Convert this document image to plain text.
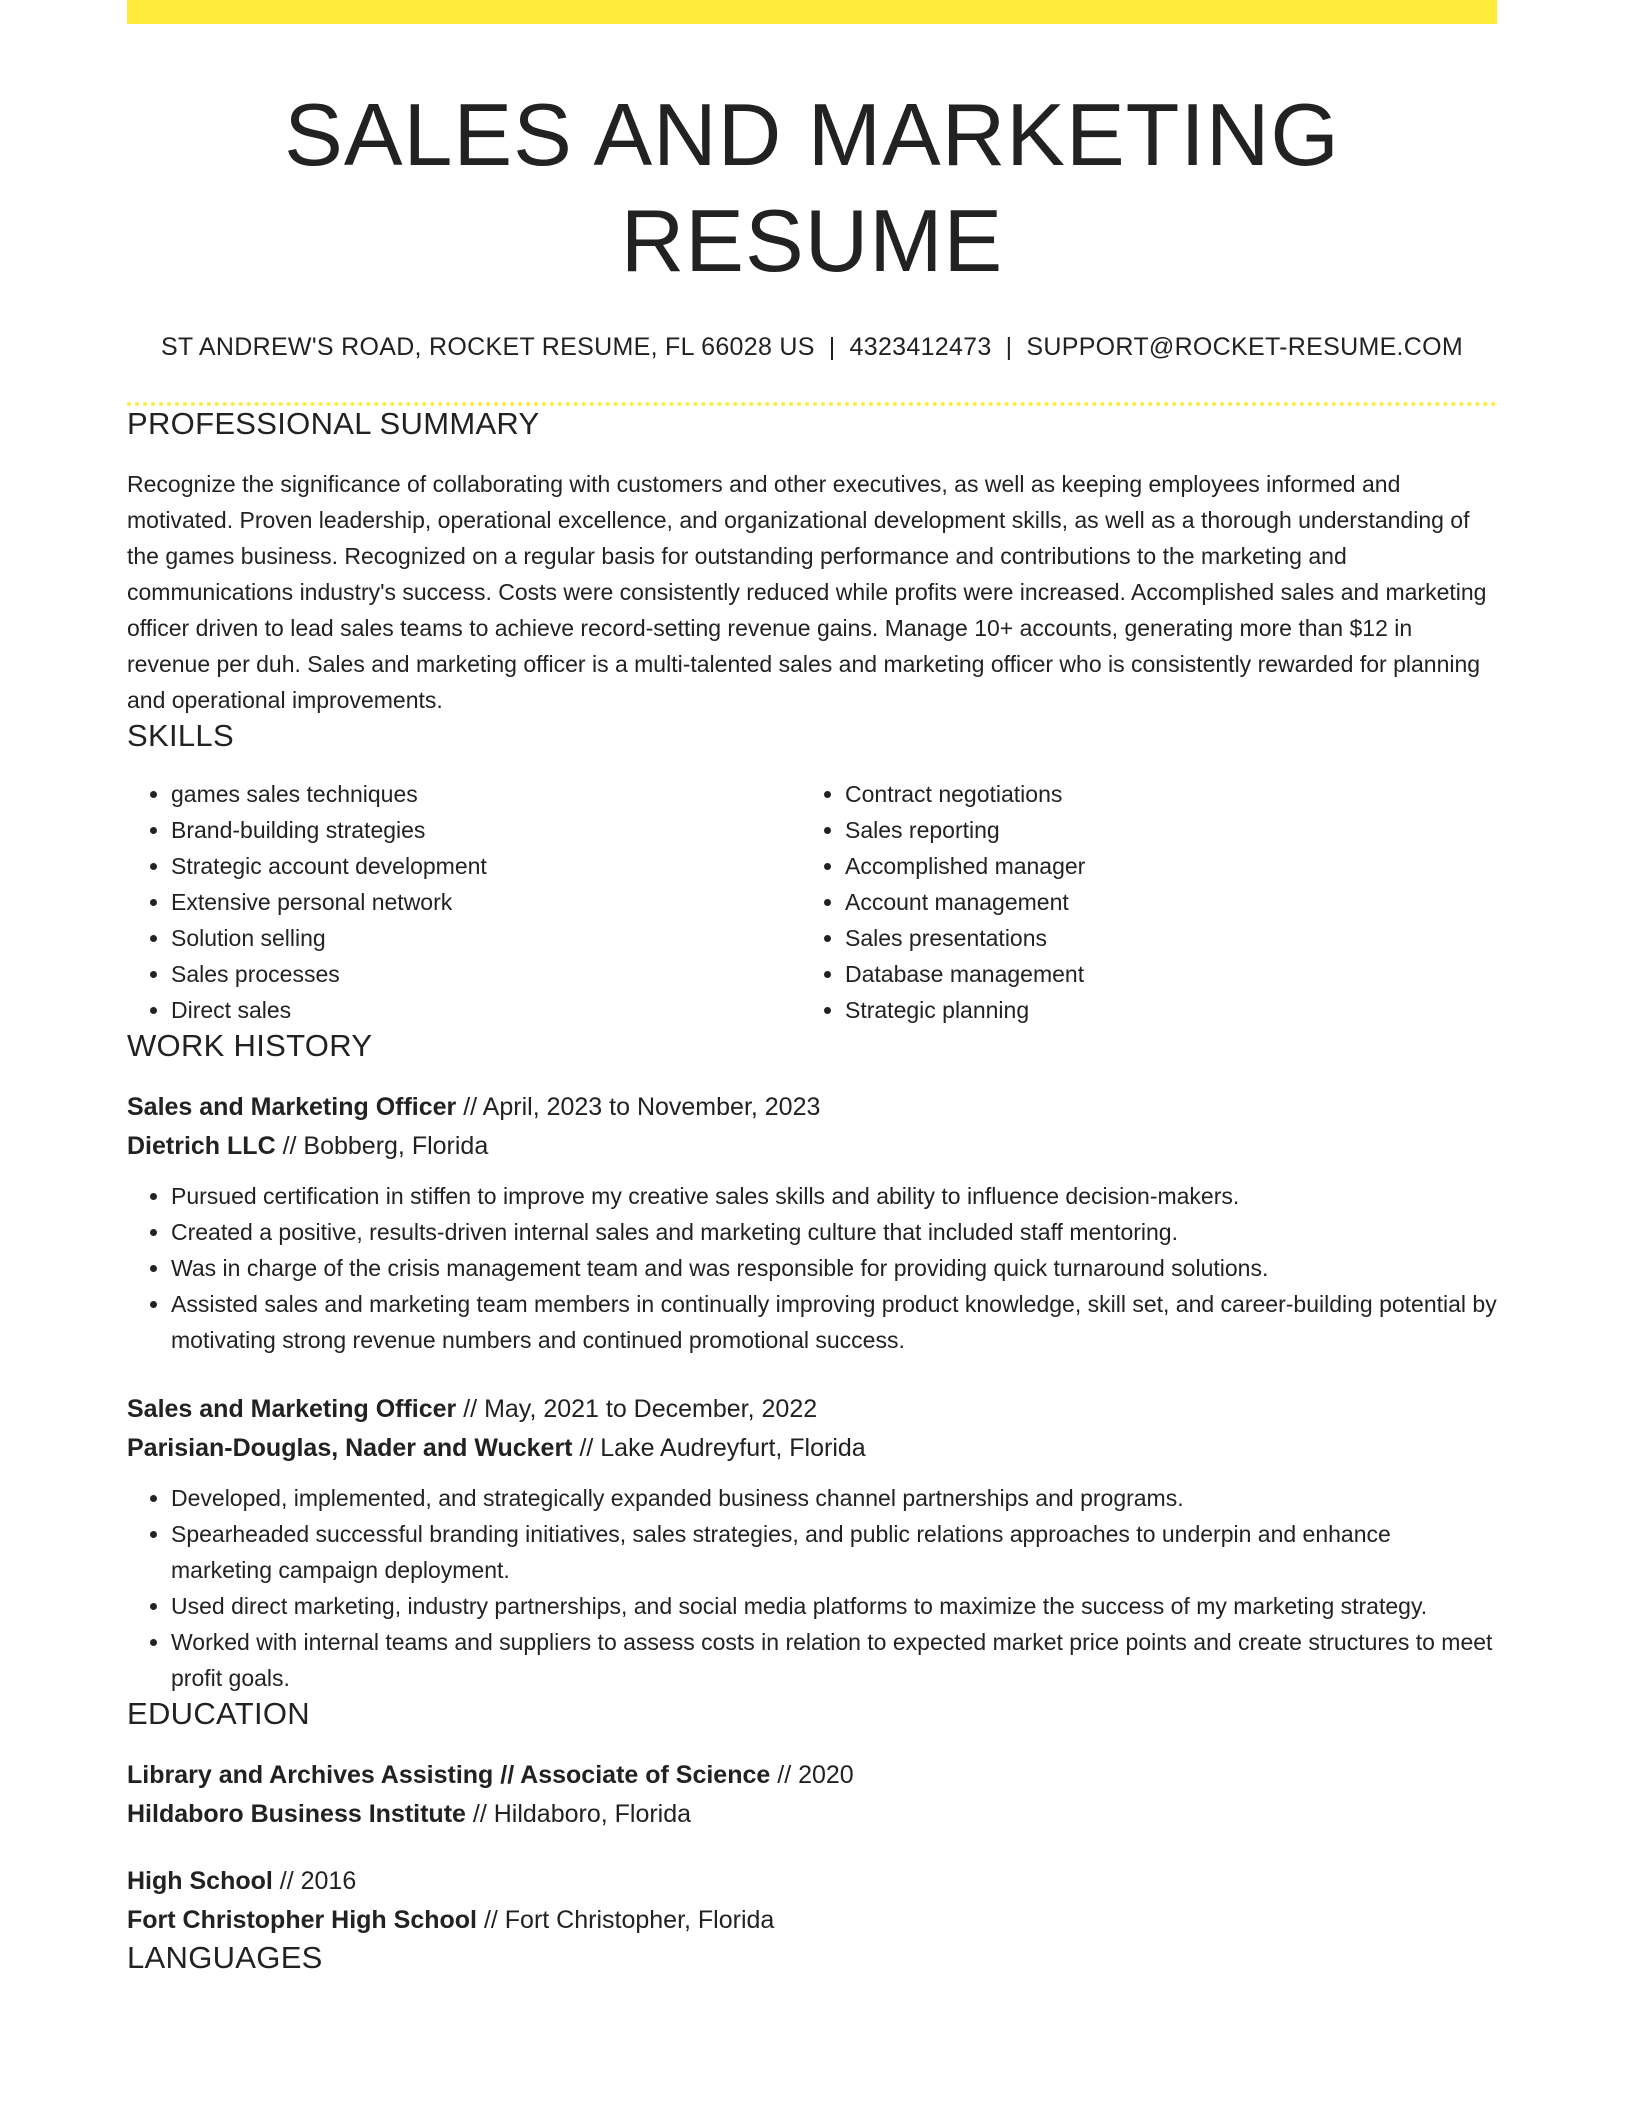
SALES AND MARKETING RESUME
ST ANDREW'S ROAD, ROCKET RESUME, FL 66028 US | 4323412473 | SUPPORT@ROCKET-RESUME.COM
PROFESSIONAL SUMMARY

Recognize the significance of collaborating with customers and other executives, as well as keeping employees informed and motivated. Proven leadership, operational excellence, and organizational development skills, as well as a thorough understanding of the games business. Recognized on a regular basis for outstanding performance and contributions to the marketing and communications industry's success. Costs were consistently reduced while profits were increased. Accomplished sales and marketing officer driven to lead sales teams to achieve record-setting revenue gains. Manage 10+ accounts, generating more than $12 in revenue per duh. Sales and marketing officer is a multi-talented sales and marketing officer who is consistently rewarded for planning and operational improvements.

SKILLS
• games sales techniques
• Brand-building strategies
• Strategic account development
• Extensive personal network
• Solution selling
• Sales processes
• Direct sales
• Contract negotiations
• Sales reporting
• Accomplished manager
• Account management
• Sales presentations
• Database management
• Strategic planning
WORK HISTORY
Sales and Marketing Officer // April, 2023 to November, 2023
Dietrich LLC // Bobberg, Florida
• Pursued certification in stiffen to improve my creative sales skills and ability to influence decision-makers.
• Created a positive, results-driven internal sales and marketing culture that included staff mentoring.
• Was in charge of the crisis management team and was responsible for providing quick turnaround solutions.
• Assisted sales and marketing team members in continually improving product knowledge, skill set, and career-building potential by motivating strong revenue numbers and continued promotional success.
Sales and Marketing Officer // May, 2021 to December, 2022
Parisian-Douglas, Nader and Wuckert // Lake Audreyfurt, Florida
• Developed, implemented, and strategically expanded business channel partnerships and programs.
• Spearheaded successful branding initiatives, sales strategies, and public relations approaches to underpin and enhance marketing campaign deployment.
• Used direct marketing, industry partnerships, and social media platforms to maximize the success of my marketing strategy.
• Worked with internal teams and suppliers to assess costs in relation to expected market price points and create structures to meet profit goals.
EDUCATION
Library and Archives Assisting // Associate of Science // 2020
Hildaboro Business Institute // Hildaboro, Florida
High School // 2016
Fort Christopher High School // Fort Christopher, Florida
LANGUAGES
